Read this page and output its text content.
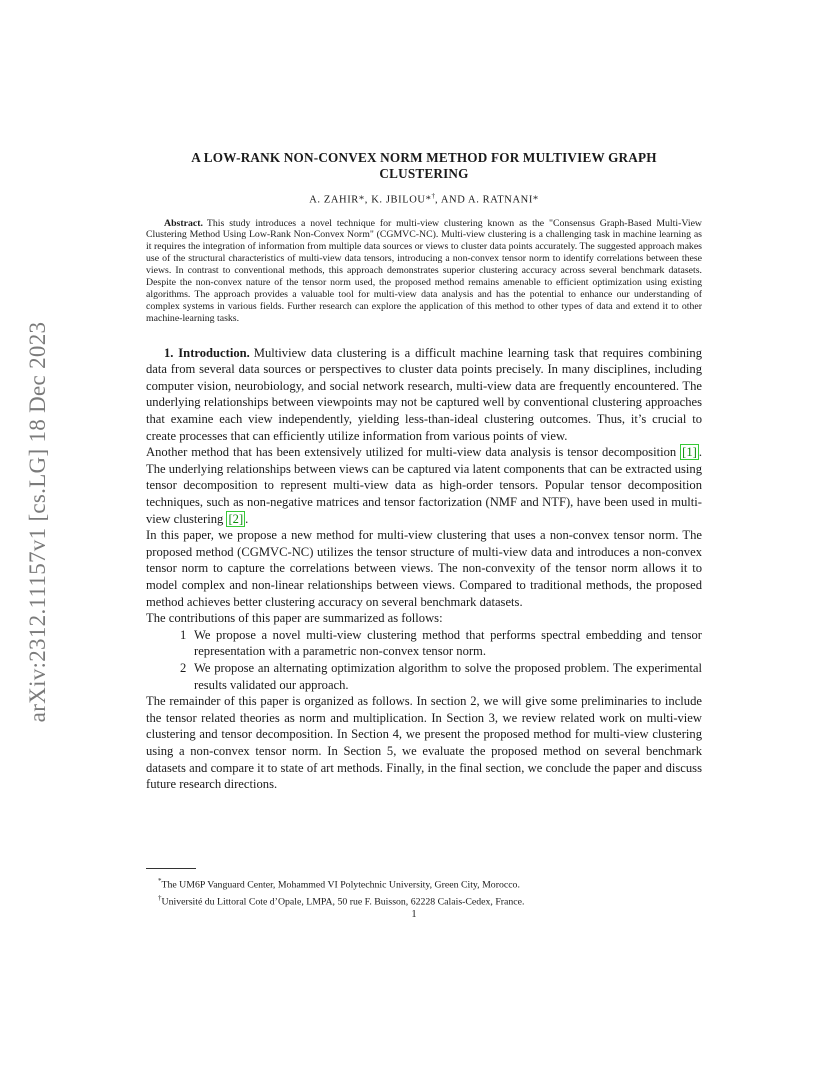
arXiv:2312.11157v1 [cs.LG] 18 Dec 2023
A LOW-RANK NON-CONVEX NORM METHOD FOR MULTIVIEW GRAPH CLUSTERING
A. ZAHIR*, K. JBILOU*†, AND A. RATNANI*

Abstract. This study introduces a novel technique for multi-view clustering known as the "Consensus Graph-Based Multi-View Clustering Method Using Low-Rank Non-Convex Norm" (CGMVC-NC). Multi-view clustering is a challenging task in machine learning as it requires the integration of information from multiple data sources or views to cluster data points accurately. The suggested approach makes use of the structural characteristics of multi-view data tensors, introducing a non-convex tensor norm to identify correlations between these views. In contrast to conventional methods, this approach demonstrates superior clustering accuracy across several benchmark datasets. Despite the non-convex nature of the tensor norm used, the proposed method remains amenable to efficient optimization using existing algorithms. The approach provides a valuable tool for multi-view data analysis and has the potential to enhance our understanding of complex systems in various fields. Further research can explore the application of this method to other types of data and extend it to other machine-learning tasks.

1. Introduction. Multiview data clustering is a difficult machine learning task that requires combining data from several data sources or perspectives to cluster data points precisely. In many disciplines, including computer vision, neurobiology, and social network research, multi-view data are frequently encountered. The underlying relationships between viewpoints may not be captured well by conventional clustering approaches that examine each view independently, yielding less-than-ideal clustering outcomes. Thus, it’s crucial to create processes that can efficiently utilize information from various points of view.

Another method that has been extensively utilized for multi-view data analysis is tensor decomposition [1] . The underlying relationships between views can be captured via latent components that can be extracted using tensor decomposition to represent multi-view data as high-order tensors. Popular tensor decomposition techniques, such as non-negative matrices and tensor factorization (NMF and NTF), have been used in multi-view clustering [2] .

In this paper, we propose a new method for multi-view clustering that uses a non-convex tensor norm. The proposed method (CGMVC-NC) utilizes the tensor structure of multi-view data and introduces a non-convex tensor norm to capture the correlations between views. The non-convexity of the tensor norm allows it to model complex and non-linear relationships between views. Compared to traditional methods, the proposed method achieves better clustering accuracy on several benchmark datasets.

The contributions of this paper are summarized as follows:

1 We propose a novel multi-view clustering method that performs spectral embedding and tensor representation with a parametric non-convex tensor norm.
2 We propose an alternating optimization algorithm to solve the proposed problem. The experimental results validated our approach.

The remainder of this paper is organized as follows. In section 2, we will give some preliminaries to include the tensor related theories as norm and multiplication. In Section 3, we review related work on multi-view clustering and tensor decomposition. In Section 4, we present the proposed method for multi-view clustering using a non-convex tensor norm. In Section 5, we evaluate the proposed method on several benchmark datasets and compare it to state of art methods. Finally, in the final section, we conclude the paper and discuss future research directions.

*The UM6P Vanguard Center, Mohammed VI Polytechnic University, Green City, Morocco.

†Université du Littoral Cote d’Opale, LMPA, 50 rue F. Buisson, 62228 Calais-Cedex, France.

1
